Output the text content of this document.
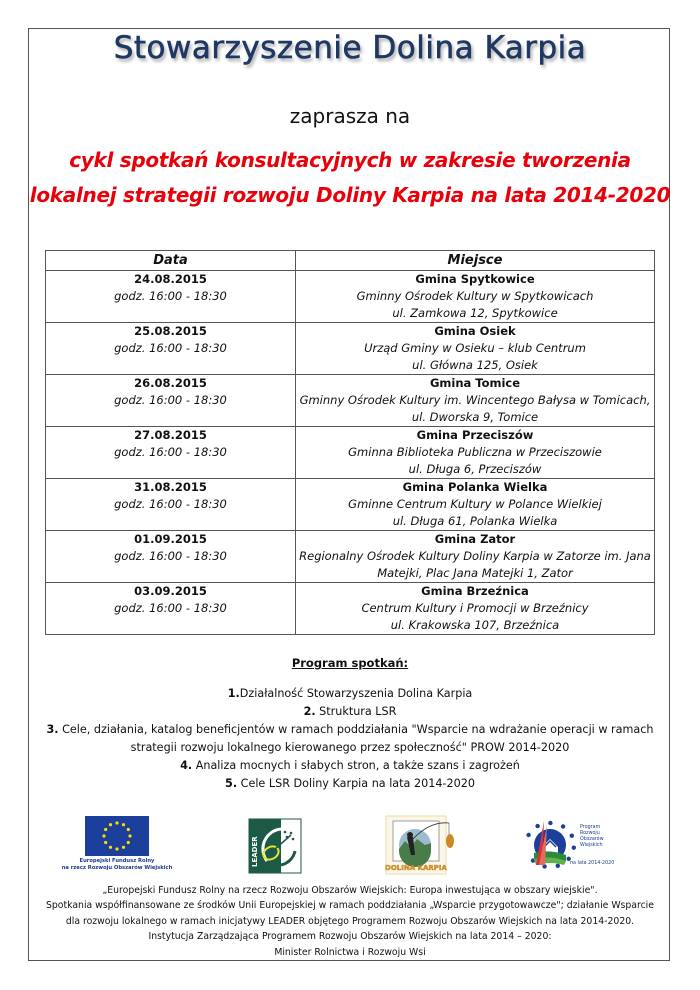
Stowarzyszenie Dolina Karpia
zaprasza na
cykl spotkań konsultacyjnych w zakresie tworzenia
lokalnej strategii rozwoju Doliny Karpia na lata 2014-2020
Data	Miejsce

24.08.2015
godz. 16:00 - 18:30	Gmina Spytkowice
Gminny Ośrodek Kultury w Spytkowicach
ul. Zamkowa 12, Spytkowice

25.08.2015
godz. 16:00 - 18:30	Gmina Osiek
Urząd Gminy w Osieku – klub Centrum
ul. Główna 125, Osiek

26.08.2015
godz. 16:00 - 18:30	Gmina Tomice
Gminny Ośrodek Kultury im. Wincentego Bałysa w Tomicach,
ul. Dworska 9, Tomice

27.08.2015
godz. 16:00 - 18:30	Gmina Przeciszów
Gminna Biblioteka Publiczna w Przeciszowie
ul. Długa 6, Przeciszów

31.08.2015
godz. 16:00 - 18:30	Gmina Polanka Wielka
Gminne Centrum Kultury w Polance Wielkiej
ul. Długa 61, Polanka Wielka

01.09.2015
godz. 16:00 - 18:30	Gmina Zator
Regionalny Ośrodek Kultury Doliny Karpia w Zatorze im. Jana
Matejki, Plac Jana Matejki 1, Zator

03.09.2015
godz. 16:00 - 18:30	Gmina Brzeźnica
Centrum Kultury i Promocji w Brzeźnicy
ul. Krakowska 107, Brzeźnica
Program spotkań:
1.Działalność Stowarzyszenia Dolina Karpia
2. Struktura LSR
3. Cele, działania, katalog beneficjentów w ramach poddziałania "Wsparcie na wdrażanie operacji w ramach
strategii rozwoju lokalnego kierowanego przez społeczność" PROW 2014-2020
4. Analiza mocnych i słabych stron, a także szans i zagrożeń
5. Cele LSR Doliny Karpia na lata 2014-2020
Europejski Fundusz Rolny
na rzecz Rozwoju Obszarów Wiejskich
LEADER
DOLINA KARPIA
Program
Rozwoju
Obszarów
Wiejskich
na lata 2014-2020
„Europejski Fundusz Rolny na rzecz Rozwoju Obszarów Wiejskich: Europa inwestująca w obszary wiejskie".
Spotkania współfinansowane ze środków Unii Europejskiej w ramach poddziałania „Wsparcie przygotowawcze"; działanie Wsparcie
dla rozwoju lokalnego w ramach inicjatywy LEADER objętego Programem Rozwoju Obszarów Wiejskich na lata 2014-2020.
Instytucja Zarządzająca Programem Rozwoju Obszarów Wiejskich na lata 2014 – 2020:
Minister Rolnictwa i Rozwoju Wsi
